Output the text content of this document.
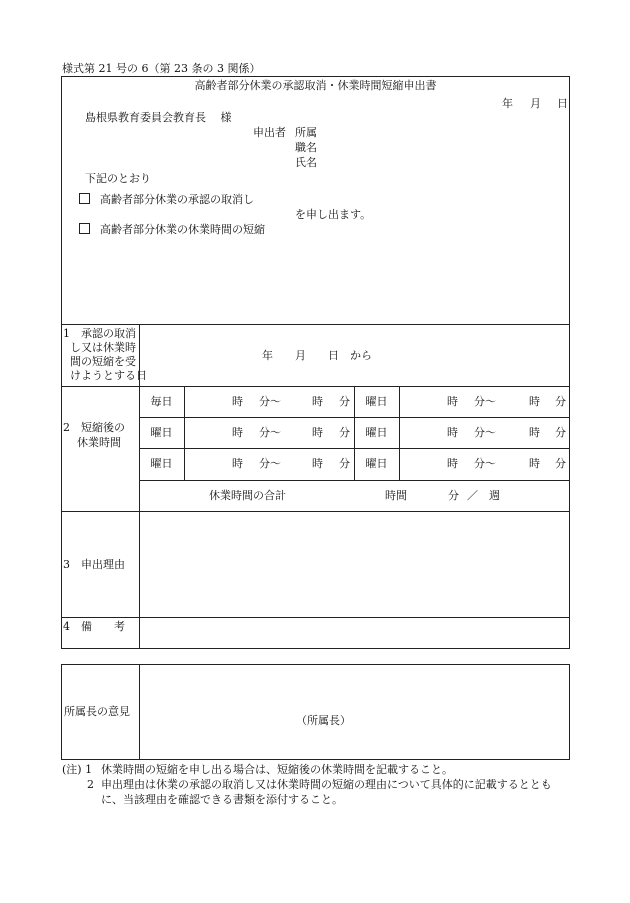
様式第 21 号の 6（第 23 条の 3 関係）
高齢者部分休業の承認取消・休業時間短縮申出書
年 月 日
島根県教育委員会教育長　 様
申出者 所属
職名
氏名
下記のとおり
高齢者部分休業の承認の取消し
を申し出ます。
高齢者部分休業の休業時間の短縮
1　承認の取消
し又は休業時
間の短縮を受
けようとする日
年　　月　　日　から
2　短縮後の
休業時間
毎日	時 分～	時 分	曜日	時 分～	時 分
曜日	時 分～	時 分	曜日	時 分～	時 分
曜日	時 分～	時 分	曜日	時 分～	時 分
休業時間の合計	時間	分 ／　週
3　申出理由
4　備　　考
所属長の意見
（所属長）
(注) 1 休業時間の短縮を申し出る場合は、短縮後の休業時間を記載すること。
2 申出理由は休業の承認の取消し又は休業時間の短縮の理由について具体的に記載するととも
に、当該理由を確認できる書類を添付すること。
